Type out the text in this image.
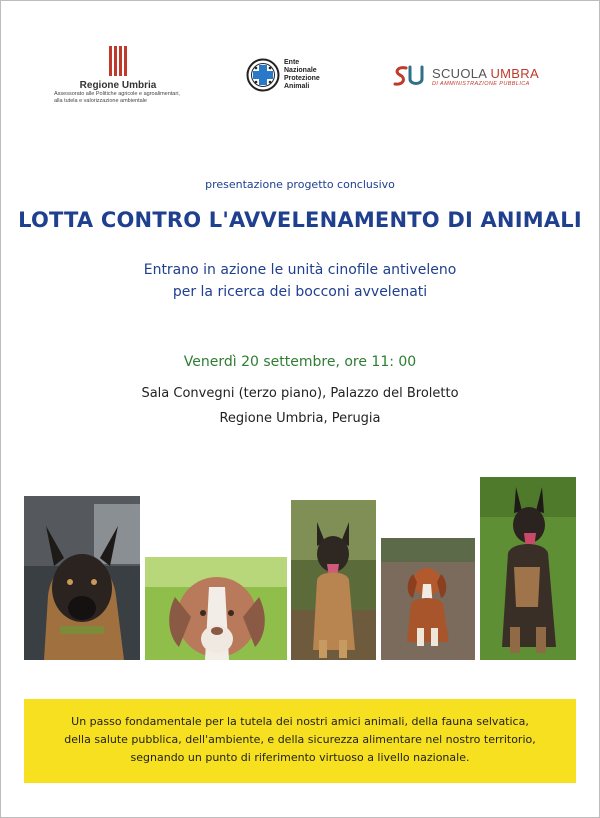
Regione Umbria
Assessorato alle Politiche agricole e agroalimentari,
alla tutela e valorizzazione ambientale
Ente
Nazionale
Protezione
Animali
SCUOLA UMBRA
DI AMMINISTRAZIONE PUBBLICA
presentazione progetto conclusivo
LOTTA CONTRO L'AVVELENAMENTO DI ANIMALI
Entrano in azione le unità cinofile antiveleno
per la ricerca dei bocconi avvelenati
Venerdì 20 settembre, ore 11: 00
Sala Convegni (terzo piano), Palazzo del Broletto
Regione Umbria, Perugia
Un passo fondamentale per la tutela dei nostri amici animali, della fauna selvatica,
della salute pubblica, dell'ambiente, e della sicurezza alimentare nel nostro territorio,
segnando un punto di riferimento virtuoso a livello nazionale.
